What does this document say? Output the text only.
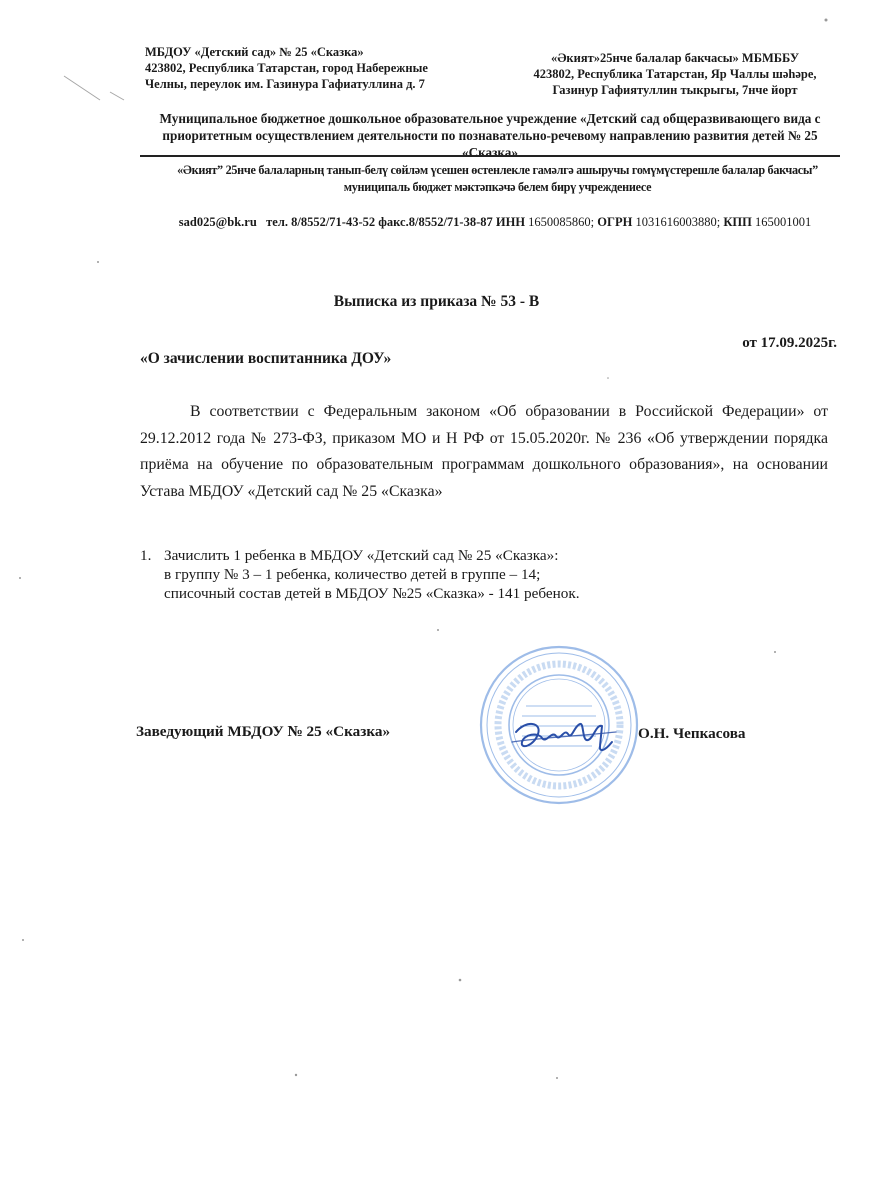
МБДОУ «Детский сад» № 25 «Сказка»
423802, Республика Татарстан, город Набережные
Челны, переулок им. Газинура Гафиатуллина д. 7
«Әкият»25нче балалар бакчасы» МБМББУ
423802, Республика Татарстан, Яр Чаллы шәһәре,
Газинур Гафиятуллин тыкрыгы, 7нче йорт
Муниципальное бюджетное дошкольное образовательное учреждение «Детский сад общеразвивающего вида с приоритетным осуществлением деятельности по познавательно-речевому направлению развития детей № 25 «Сказка»
«Әкият” 25нче балаларның танып-белү сөйләм үсешен өстенлекле гамәлгә ашыручы гомүмүстерешле балалар бакчасы” муниципаль бюджет мәктәпкәчә белем бирү учреждениесе
sad025@bk.ru тел. 8/8552/71-43-52 факс.8/8552/71-38-87 ИНН 1650085860; ОГРН 1031616003880; КПП 165001001
Выписка из приказа № 53 - В
от 17.09.2025г.
«О зачислении воспитанника ДОУ»
В соответствии с Федеральным законом «Об образовании в Российской Федерации» от 29.12.2012 года № 273-ФЗ, приказом МО и Н РФ от 15.05.2020г. № 236 «Об утверждении порядка приёма на обучение по образовательным программам дошкольного образования», на основании Устава МБДОУ «Детский сад № 25 «Сказка»
1. Зачислить 1 ребенка в МБДОУ «Детский сад № 25 «Сказка»:
в группу № 3 – 1 ребенка, количество детей в группе – 14;
списочный состав детей в МБДОУ №25 «Сказка» - 141 ребенок.
Заведующий МБДОУ № 25 «Сказка»	О.Н. Чепкасова
